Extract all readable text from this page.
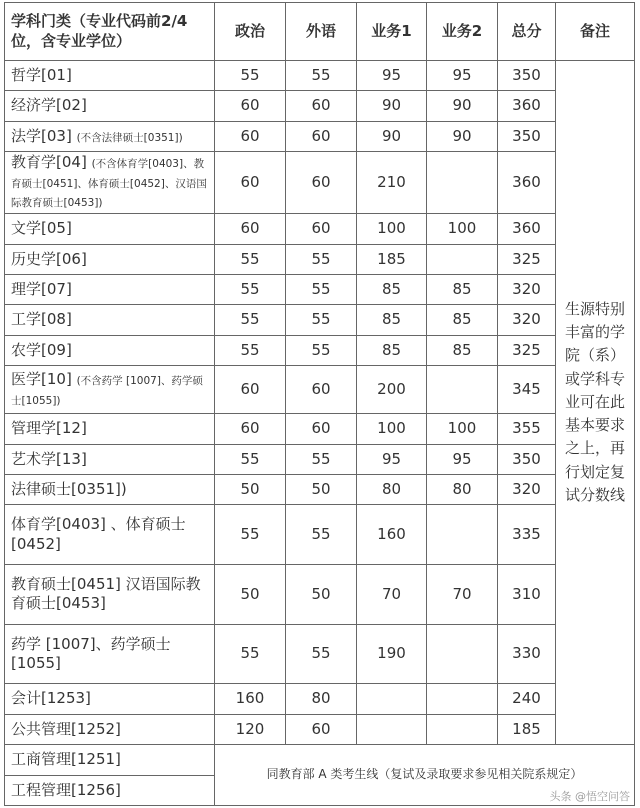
学科门类（专业代码前2/4位，含专业学位）	政治	外语	业务1	业务2	总分	备注
哲学[01]	55	55	95	95	350	生源特别丰富的学院（系）或学科专业可在此基本要求之上，再行划定复试分数线
经济学[02]	60	60	90	90	360	
法学[03] (不含法律硕士[0351])	60	60	90	90	350	
教育学[04] (不含体育学[0403]、教育硕士[0451]、体育硕士[0452]、汉语国际教育硕士[0453])	60	60	210		360	
文学[05]	60	60	100	100	360	
历史学[06]	55	55	185		325	
理学[07]	55	55	85	85	320	
工学[08]	55	55	85	85	320	
农学[09]	55	55	85	85	325	
医学[10] (不含药学 [1007]、药学硕士[1055])	60	60	200		345	
管理学[12]	60	60	100	100	355	
艺术学[13]	55	55	95	95	350	
法律硕士[0351])	50	50	80	80	320	
体育学[0403] 、体育硕士[0452]	55	55	160		335	
教育硕士[0451] 汉语国际教育硕士[0453]	50	50	70	70	310	
药学 [1007]、药学硕士 [1055]	55	55	190		330	
会计[1253]	160	80			240	
公共管理[1252]	120	60			185	
工商管理[1251]	同教育部 A 类考生线（复试及录取要求参见相关院系规定）					
工程管理[1256]							头条 @悟空问答
